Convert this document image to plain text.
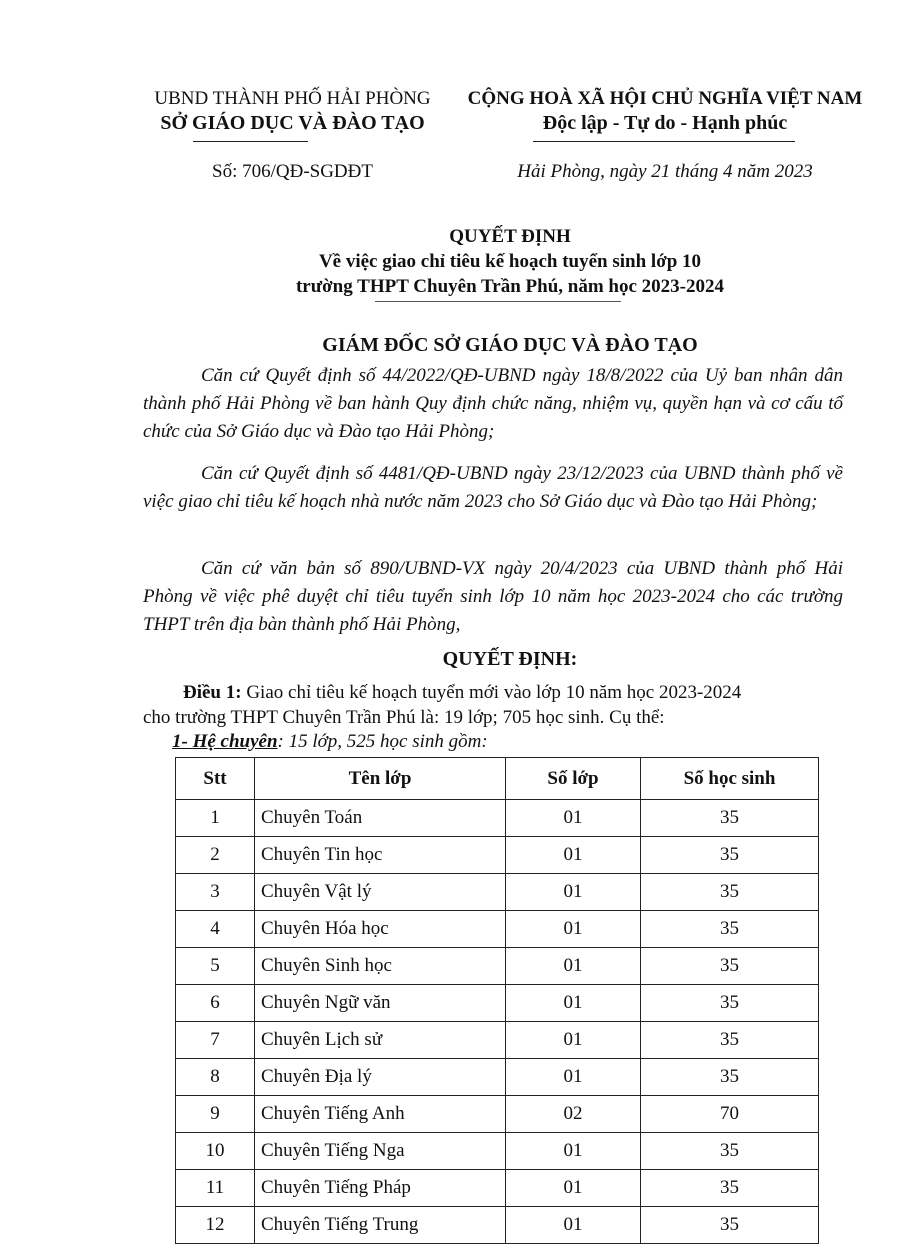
UBND THÀNH PHỐ HẢI PHÒNG
SỞ GIÁO DỤC VÀ ĐÀO TẠO
CỘNG HOÀ XÃ HỘI CHỦ NGHĨA VIỆT NAM
Độc lập - Tự do - Hạnh phúc
Số: 706/QĐ-SGDĐT	Hải Phòng, ngày 21 tháng 4 năm 2023
QUYẾT ĐỊNH
Về việc giao chỉ tiêu kế hoạch tuyển sinh lớp 10
trường THPT Chuyên Trần Phú, năm học 2023-2024
GIÁM ĐỐC SỞ GIÁO DỤC VÀ ĐÀO TẠO

Căn cứ Quyết định số 44/2022/QĐ-UBND ngày 18/8/2022 của Uỷ ban nhân dân thành phố Hải Phòng về ban hành Quy định chức năng, nhiệm vụ, quyền hạn và cơ cấu tổ chức của Sở Giáo dục và Đào tạo Hải Phòng;

Căn cứ Quyết định số 4481/QĐ-UBND ngày 23/12/2023 của UBND thành phố về việc giao chỉ tiêu kế hoạch nhà nước năm 2023 cho Sở Giáo dục và Đào tạo Hải Phòng;

Căn cứ văn bản số 890/UBND-VX ngày 20/4/2023 của UBND thành phố Hải Phòng về việc phê duyệt chỉ tiêu tuyển sinh lớp 10 năm học 2023-2024 cho các trường THPT trên địa bàn thành phố Hải Phòng,

QUYẾT ĐỊNH:
Điều 1: Giao chỉ tiêu kế hoạch tuyển mới vào lớp 10 năm học 2023-2024
cho trường THPT Chuyên Trần Phú là: 19 lớp; 705 học sinh. Cụ thể:
1- Hệ chuyên: 15 lớp, 525 học sinh gồm:
Stt	Tên lớp	Số lớp	Số học sinh
1	Chuyên Toán	01	35
2	Chuyên Tin học	01	35
3	Chuyên Vật lý	01	35
4	Chuyên Hóa học	01	35
5	Chuyên Sinh học	01	35
6	Chuyên Ngữ văn	01	35
7	Chuyên Lịch sử	01	35
8	Chuyên Địa lý	01	35
9	Chuyên Tiếng Anh	02	70
10	Chuyên Tiếng Nga	01	35
11	Chuyên Tiếng Pháp	01	35
12	Chuyên Tiếng Trung	01	35
